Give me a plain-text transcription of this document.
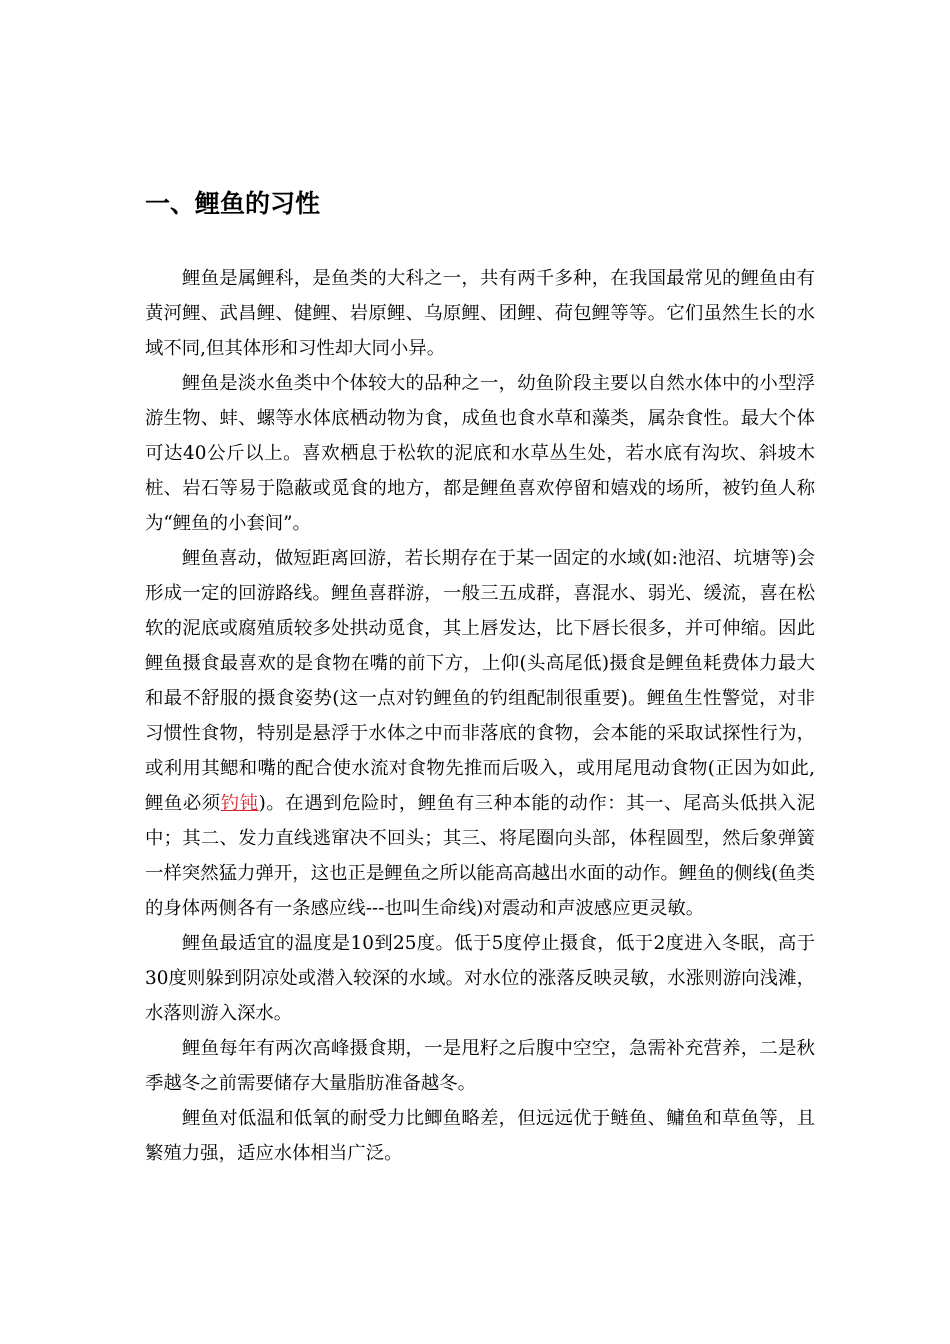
一、鲤鱼的习性

鲤鱼是属鲤科，是鱼类的大科之一，共有两千多种，在我国最常见的鲤鱼由有黄河鲤、武昌鲤、健鲤、岩原鲤、乌原鲤、团鲤、荷包鲤等等。它们虽然生长的水域不同,但其体形和习性却大同小异。

鲤鱼是淡水鱼类中个体较大的品种之一，幼鱼阶段主要以自然水体中的小型浮游生物、蚌、螺等水体底栖动物为食，成鱼也食水草和藻类，属杂食性。最大个体可达40公斤以上。喜欢栖息于松软的泥底和水草丛生处，若水底有沟坎、斜坡木桩、岩石等易于隐蔽或觅食的地方，都是鲤鱼喜欢停留和嬉戏的场所，被钓鱼人称为“鲤鱼的小套间”。

鲤鱼喜动，做短距离回游，若长期存在于某一固定的水域(如:池沼、坑塘等)会形成一定的回游路线。鲤鱼喜群游，一般三五成群，喜混水、弱光、缓流，喜在松软的泥底或腐殖质较多处拱动觅食，其上唇发达，比下唇长很多，并可伸缩。因此鲤鱼摄食最喜欢的是食物在嘴的前下方，上仰(头高尾低)摄食是鲤鱼耗费体力最大和最不舒服的摄食姿势(这一点对钓鲤鱼的钓组配制很重要)。鲤鱼生性警觉，对非习惯性食物，特别是悬浮于水体之中而非落底的食物，会本能的采取试探性行为，或利用其鳃和嘴的配合使水流对食物先推而后吸入，或用尾甩动食物(正因为如此,鲤鱼必须钓钝)。在遇到危险时，鲤鱼有三种本能的动作：其一、尾高头低拱入泥中；其二、发力直线逃窜决不回头；其三、将尾圈向头部，体程圆型，然后象弹簧一样突然猛力弹开，这也正是鲤鱼之所以能高高越出水面的动作。鲤鱼的侧线(鱼类的身体两侧各有一条感应线---也叫生命线)对震动和声波感应更灵敏。

鲤鱼最适宜的温度是10到25度。低于5度停止摄食，低于2度进入冬眠，高于30度则躲到阴凉处或潜入较深的水域。对水位的涨落反映灵敏，水涨则游向浅滩，水落则游入深水。

鲤鱼每年有两次高峰摄食期，一是甩籽之后腹中空空，急需补充营养，二是秋季越冬之前需要储存大量脂肪准备越冬。

鲤鱼对低温和低氧的耐受力比鲫鱼略差，但远远优于鲢鱼、鳙鱼和草鱼等，且繁殖力强，适应水体相当广泛。
